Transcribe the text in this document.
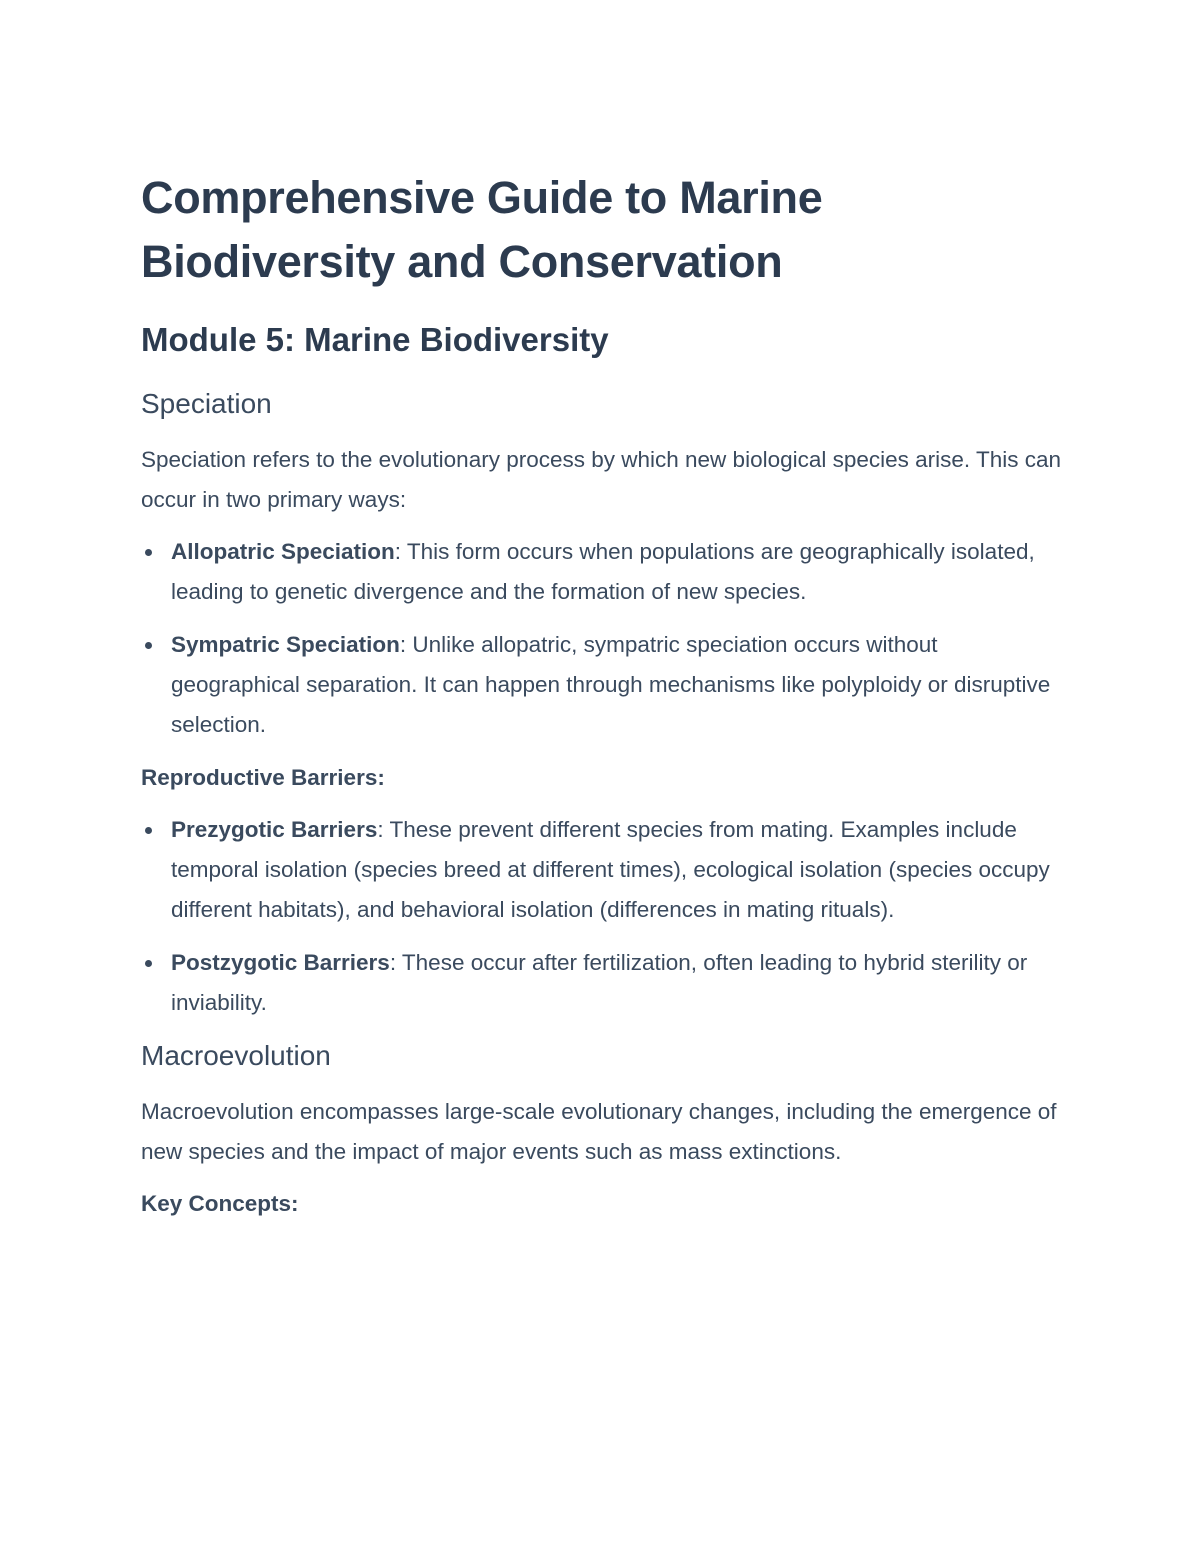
Comprehensive Guide to Marine Biodiversity and Conservation
Module 5: Marine Biodiversity
Speciation

Speciation refers to the evolutionary process by which new biological species arise. This can occur in two primary ways:

Allopatric Speciation: This form occurs when populations are geographically isolated, leading to genetic divergence and the formation of new species.
Sympatric Speciation: Unlike allopatric, sympatric speciation occurs without geographical separation. It can happen through mechanisms like polyploidy or disruptive selection.
Reproductive Barriers:
Prezygotic Barriers: These prevent different species from mating. Examples include temporal isolation (species breed at different times), ecological isolation (species occupy different habitats), and behavioral isolation (differences in mating rituals).
Postzygotic Barriers: These occur after fertilization, often leading to hybrid sterility or inviability.
Macroevolution

Macroevolution encompasses large-scale evolutionary changes, including the emergence of new species and the impact of major events such as mass extinctions.

Key Concepts:
